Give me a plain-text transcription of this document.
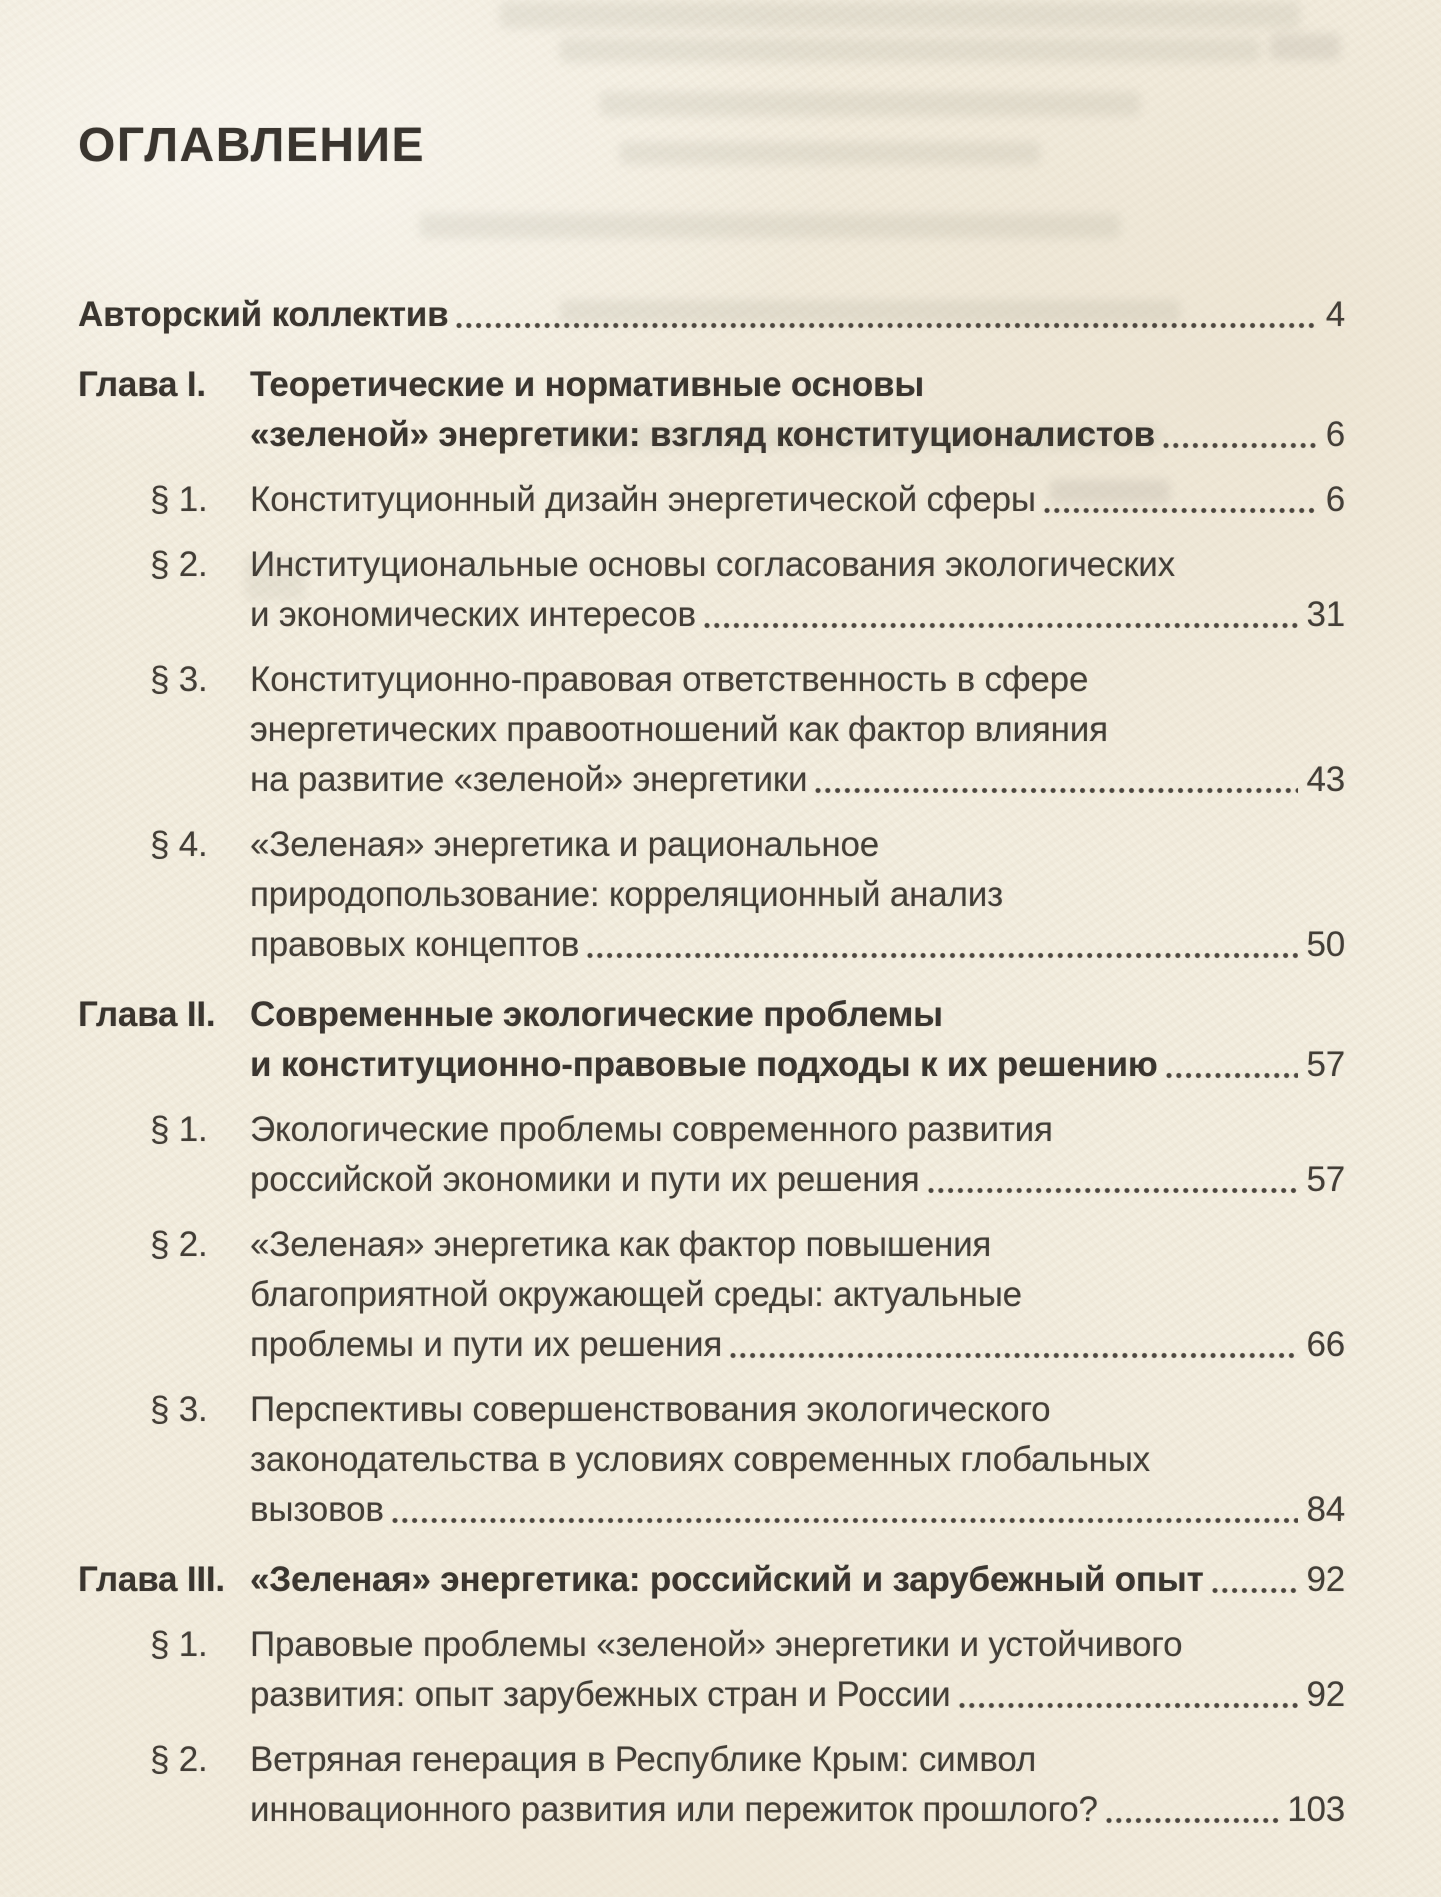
ОГЛАВЛЕНИЕ
Авторский коллектив	4
Глава I.	Теоретические и нормативные основы
«зеленой» энергетики: взгляд конституционалистов	6
§ 1.	Конституционный дизайн энергетической сферы	6
§ 2.	Институциональные основы согласования экологических
и экономических интересов	31
§ 3.	Конституционно-правовая ответственность в сфере
энергетических правоотношений как фактор влияния
на развитие «зеленой» энергетики	43
§ 4.	«Зеленая» энергетика и рациональное
природопользование: корреляционный анализ
правовых концептов	50
Глава II. Современные экологические проблемы
и конституционно-правовые подходы к их решению	57
§ 1.	Экологические проблемы современного развития
российской экономики и пути их решения	57
§ 2.	«Зеленая» энергетика как фактор повышения
благоприятной окружающей среды: актуальные
проблемы и пути их решения	66
§ 3.	Перспективы совершенствования экологического
законодательства в условиях современных глобальных
вызовов	84
Глава III. «Зеленая» энергетика: российский и зарубежный опыт	92
§ 1.	Правовые проблемы «зеленой» энергетики и устойчивого
развития: опыт зарубежных стран и России	92
§ 2.	Ветряная генерация в Республике Крым: символ
инновационного развития или пережиток прошлого?	103
